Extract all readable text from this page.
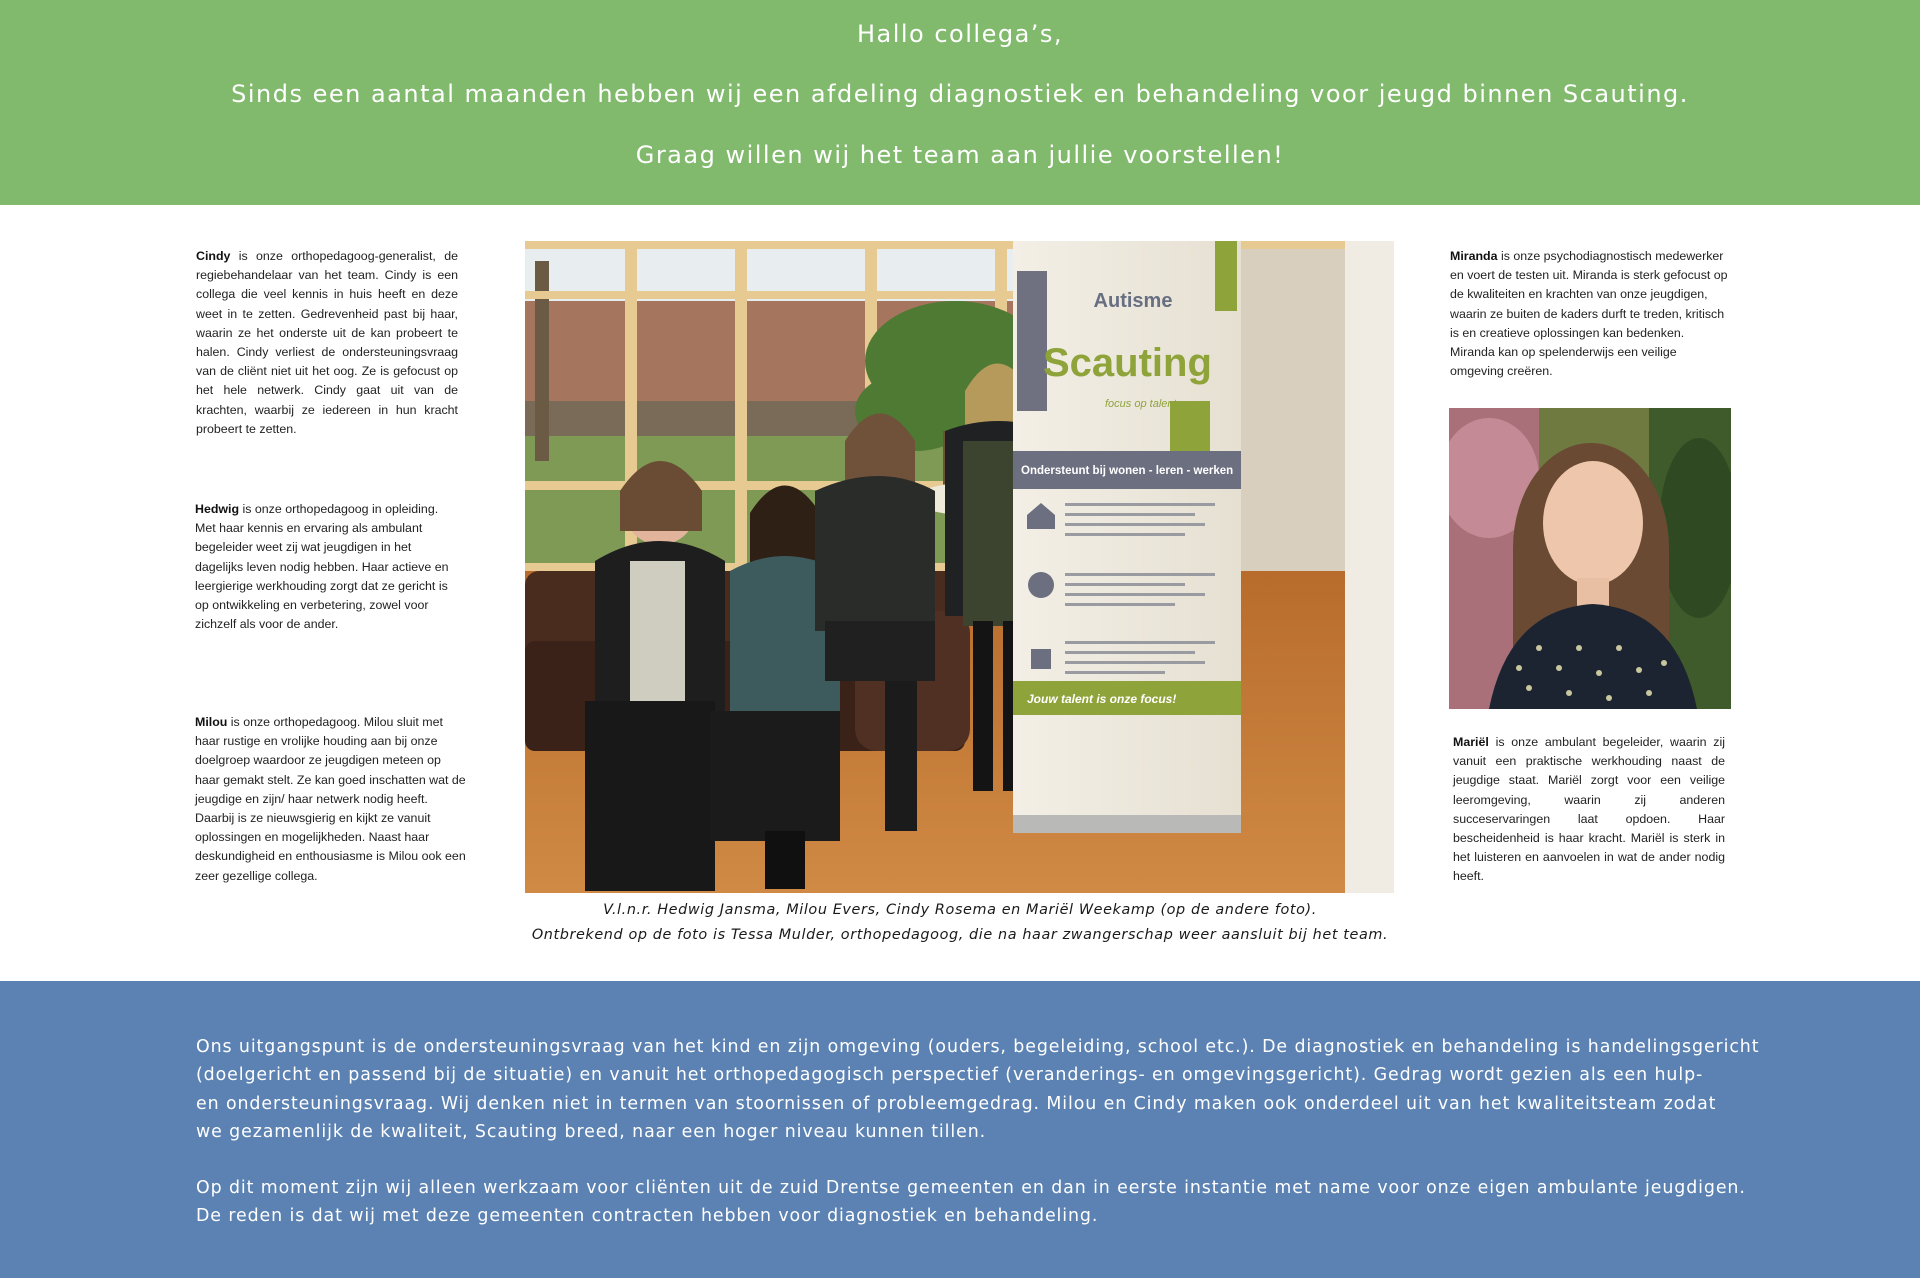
Hallo collega’s,

Sinds een aantal maanden hebben wij een afdeling diagnostiek en behandeling voor jeugd binnen Scauting.

Graag willen wij het team aan jullie voorstellen!

Cindy is onze orthopedagoog-generalist, de regiebehandelaar van het team. Cindy is een collega die veel kennis in huis heeft en deze weet in te zetten. Gedrevenheid past bij haar, waarin ze het onderste uit de kan probeert te halen. Cindy verliest de ondersteuningsvraag van de cliënt niet uit het oog. Ze is gefocust op het hele netwerk. Cindy gaat uit van de krachten, waarbij ze iedereen in hun kracht probeert te zetten.
Hedwig is onze orthopedagoog in opleiding. Met haar kennis en ervaring als ambulant begeleider weet zij wat jeugdigen in het dagelijks leven nodig hebben. Haar actieve en leergierige werkhouding zorgt dat ze gericht is op ontwikkeling en verbetering, zowel voor zichzelf als voor de ander.
Milou is onze orthopedagoog. Milou sluit met haar rustige en vrolijke houding aan bij onze doelgroep waardoor ze jeugdigen meteen op haar gemakt stelt. Ze kan goed inschatten wat de jeugdige en zijn/ haar netwerk nodig heeft. Daarbij is ze nieuwsgierig en kijkt ze vanuit oplossingen en mogelijkheden. Naast haar deskundigheid en enthousiasme is Milou ook een zeer gezellige collega.
Autisme
Scauting
focus op talent
Ondersteunt bij wonen - leren - werken
Jouw talent is onze focus!
V.l.n.r. Hedwig Jansma, Milou Evers, Cindy Rosema en Mariël Weekamp (op de andere foto).
Ontbrekend op de foto is Tessa Mulder, orthopedagoog, die na haar zwangerschap weer aansluit bij het team.
Miranda is onze psychodiagnostisch medewerker en voert de testen uit. Miranda is sterk gefocust op de kwaliteiten en krachten van onze jeugdigen, waarin ze buiten de kaders durft te treden, kritisch is en creatieve oplossingen kan bedenken. Miranda kan op spelenderwijs een veilige omgeving creëren.
Mariël is onze ambulant begeleider, waarin zij vanuit een praktische werkhouding naast de jeugdige staat. Mariël zorgt voor een veilige leeromgeving, waarin zij anderen succeservaringen laat opdoen. Haar bescheidenheid is haar kracht. Mariël is sterk in het luisteren en aanvoelen in wat de ander nodig heeft.

Ons uitgangspunt is de ondersteuningsvraag van het kind en zijn omgeving (ouders, begeleiding, school etc.). De diagnostiek en behandeling is handelingsgericht
(doelgericht en passend bij de situatie) en vanuit het orthopedagogisch perspectief (veranderings- en omgevingsgericht). Gedrag wordt gezien als een hulp-
en ondersteuningsvraag. Wij denken niet in termen van stoornissen of probleemgedrag. Milou en Cindy maken ook onderdeel uit van het kwaliteitsteam zodat
we gezamenlijk de kwaliteit, Scauting breed, naar een hoger niveau kunnen tillen.

Op dit moment zijn wij alleen werkzaam voor cliënten uit de zuid Drentse gemeenten en dan in eerste instantie met name voor onze eigen ambulante jeugdigen.
De reden is dat wij met deze gemeenten contracten hebben voor diagnostiek en behandeling.
